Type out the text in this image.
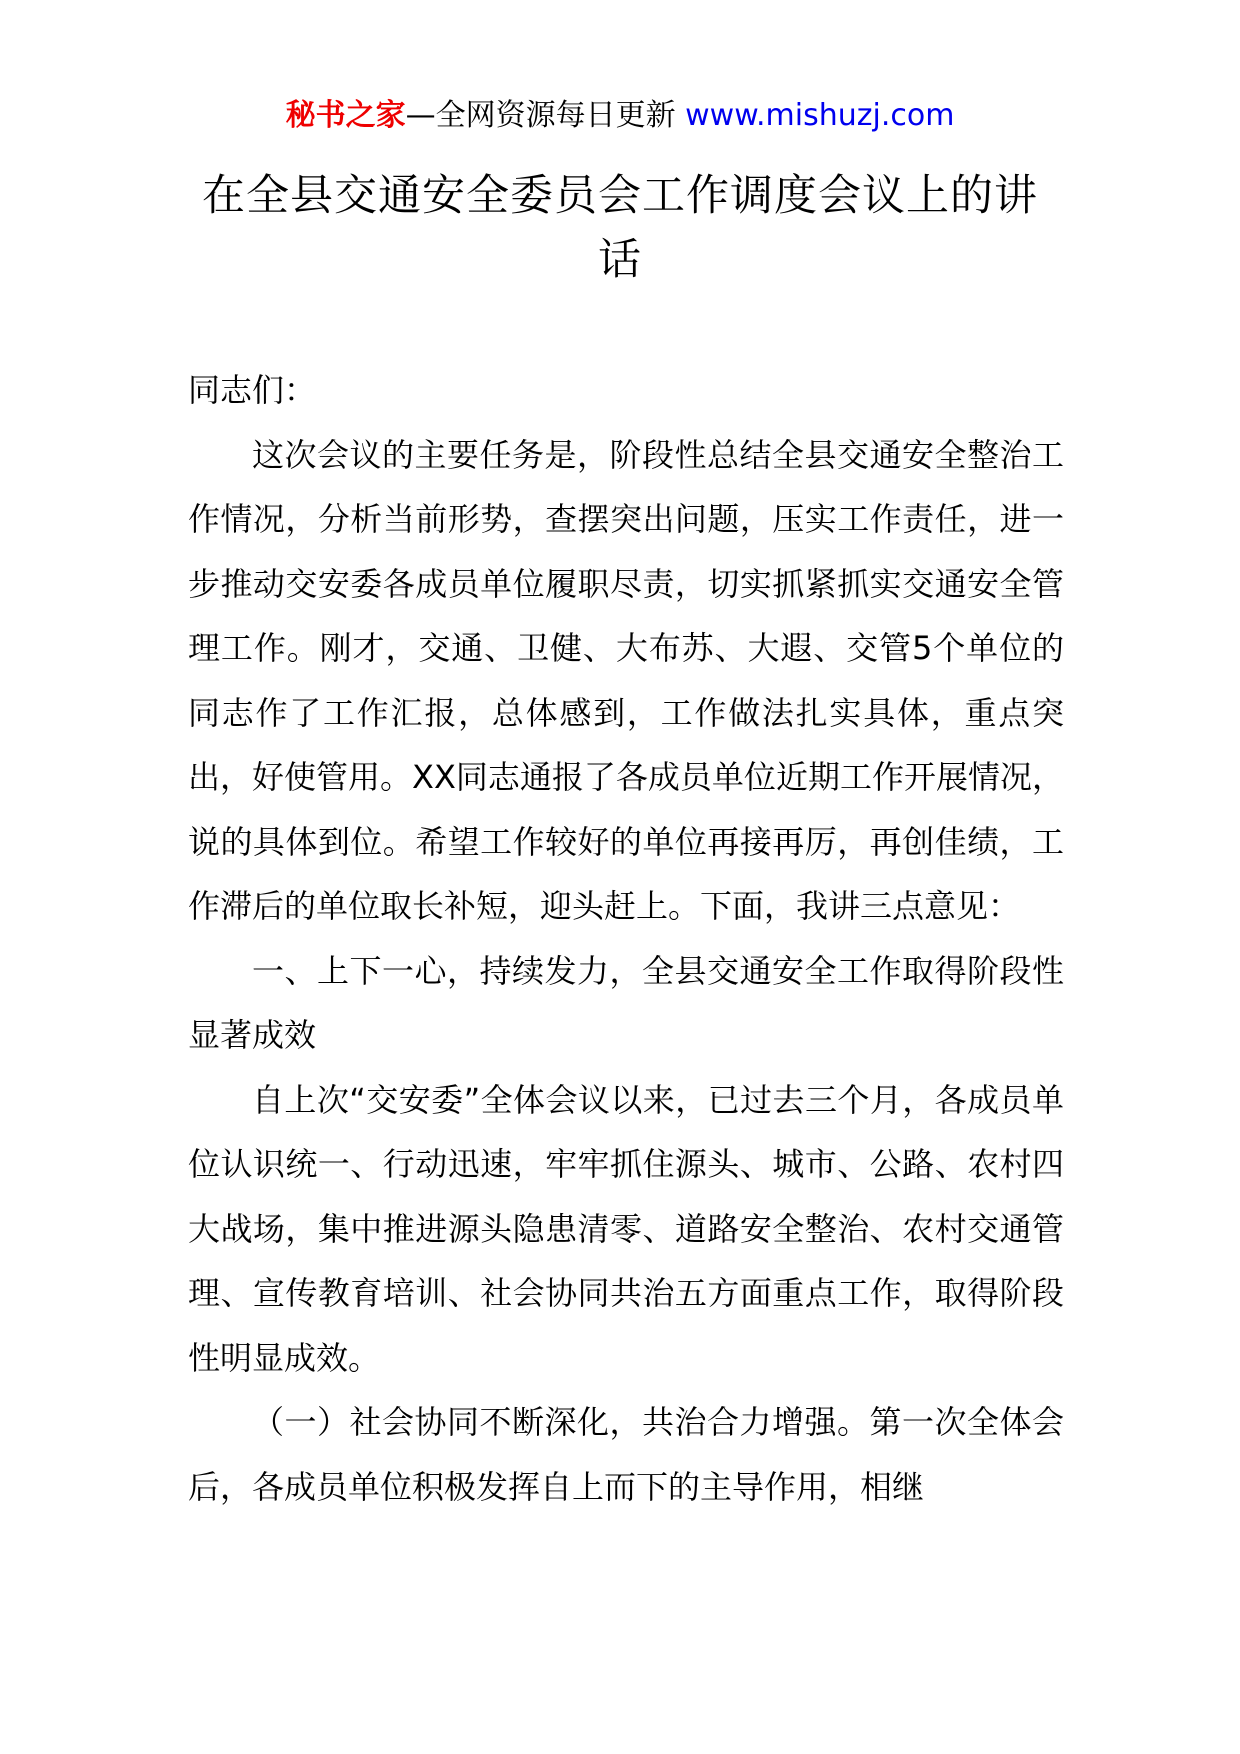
秘书之家—全网资源每日更新 www.mishuzj.com
在全县交通安全委员会工作调度会议上的讲话

同志们：

这次会议的主要任务是，阶段性总结全县交通安全整治工作情况，分析当前形势，查摆突出问题，压实工作责任，进一步推动交安委各成员单位履职尽责，切实抓紧抓实交通安全管理工作。刚才，交通、卫健、大布苏、大遐、交管5个单位的同志作了工作汇报，总体感到，工作做法扎实具体，重点突出，好使管用。XX同志通报了各成员单位近期工作开展情况，说的具体到位。希望工作较好的单位再接再厉，再创佳绩，工作滞后的单位取长补短，迎头赶上。下面，我讲三点意见：

一、上下一心，持续发力，全县交通安全工作取得阶段性显著成效

自上次“交安委”全体会议以来，已过去三个月，各成员单位认识统一、行动迅速，牢牢抓住源头、城市、公路、农村四大战场，集中推进源头隐患清零、道路安全整治、农村交通管理、宣传教育培训、社会协同共治五方面重点工作，取得阶段性明显成效。

（一）社会协同不断深化，共治合力增强。第一次全体会后，各成员单位积极发挥自上而下的主导作用，相继
